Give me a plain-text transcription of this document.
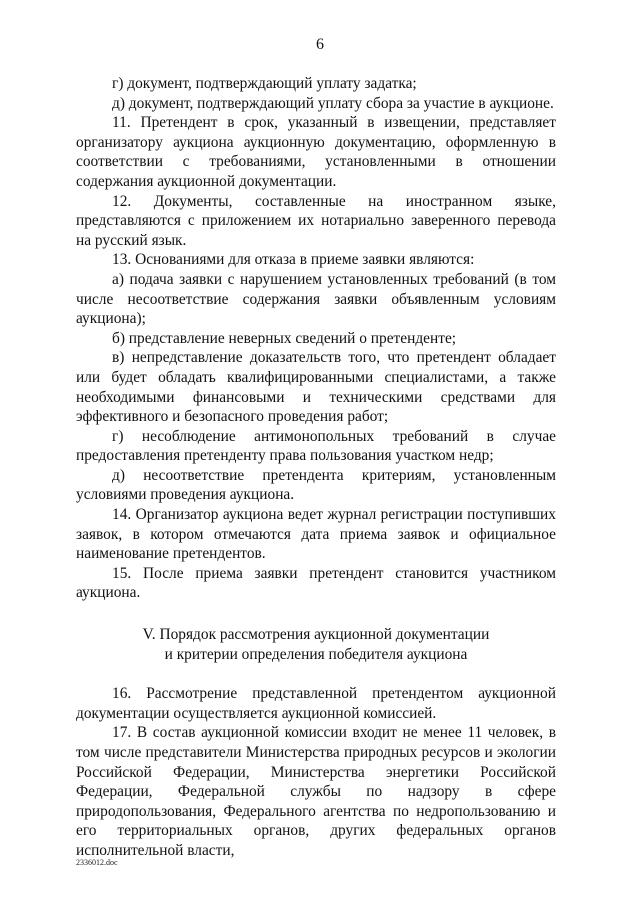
6

г) документ, подтверждающий уплату задатка;

д) документ, подтверждающий уплату сбора за участие в аукционе.

11. Претендент в срок, указанный в извещении, представляет организатору аукциона аукционную документацию, оформленную в соответствии с требованиями, установленными в отношении содержания аукционной документации.

12. Документы, составленные на иностранном языке, представляются с приложением их нотариально заверенного перевода на русский язык.

13. Основаниями для отказа в приеме заявки являются:

а) подача заявки с нарушением установленных требований (в том числе несоответствие содержания заявки объявленным условиям аукциона);

б) представление неверных сведений о претенденте;

в) непредставление доказательств того, что претендент обладает или будет обладать квалифицированными специалистами, а также необходимыми финансовыми и техническими средствами для эффективного и безопасного проведения работ;

г) несоблюдение антимонопольных требований в случае предоставления претенденту права пользования участком недр;

д) несоответствие претендента критериям, установленным условиями проведения аукциона.

14. Организатор аукциона ведет журнал регистрации поступивших заявок, в котором отмечаются дата приема заявок и официальное наименование претендентов.

15. После приема заявки претендент становится участником аукциона.

V. Порядок рассмотрения аукционной документации
и критерии определения победителя аукциона

16. Рассмотрение представленной претендентом аукционной документации осуществляется аукционной комиссией.

17. В состав аукционной комиссии входит не менее 11 человек, в том числе представители Министерства природных ресурсов и экологии Российской Федерации, Министерства энергетики Российской Федерации, Федеральной службы по надзору в сфере природопользования, Федерального агентства по недропользованию и его территориальных органов, других федеральных органов исполнительной власти,

2336012.doc
